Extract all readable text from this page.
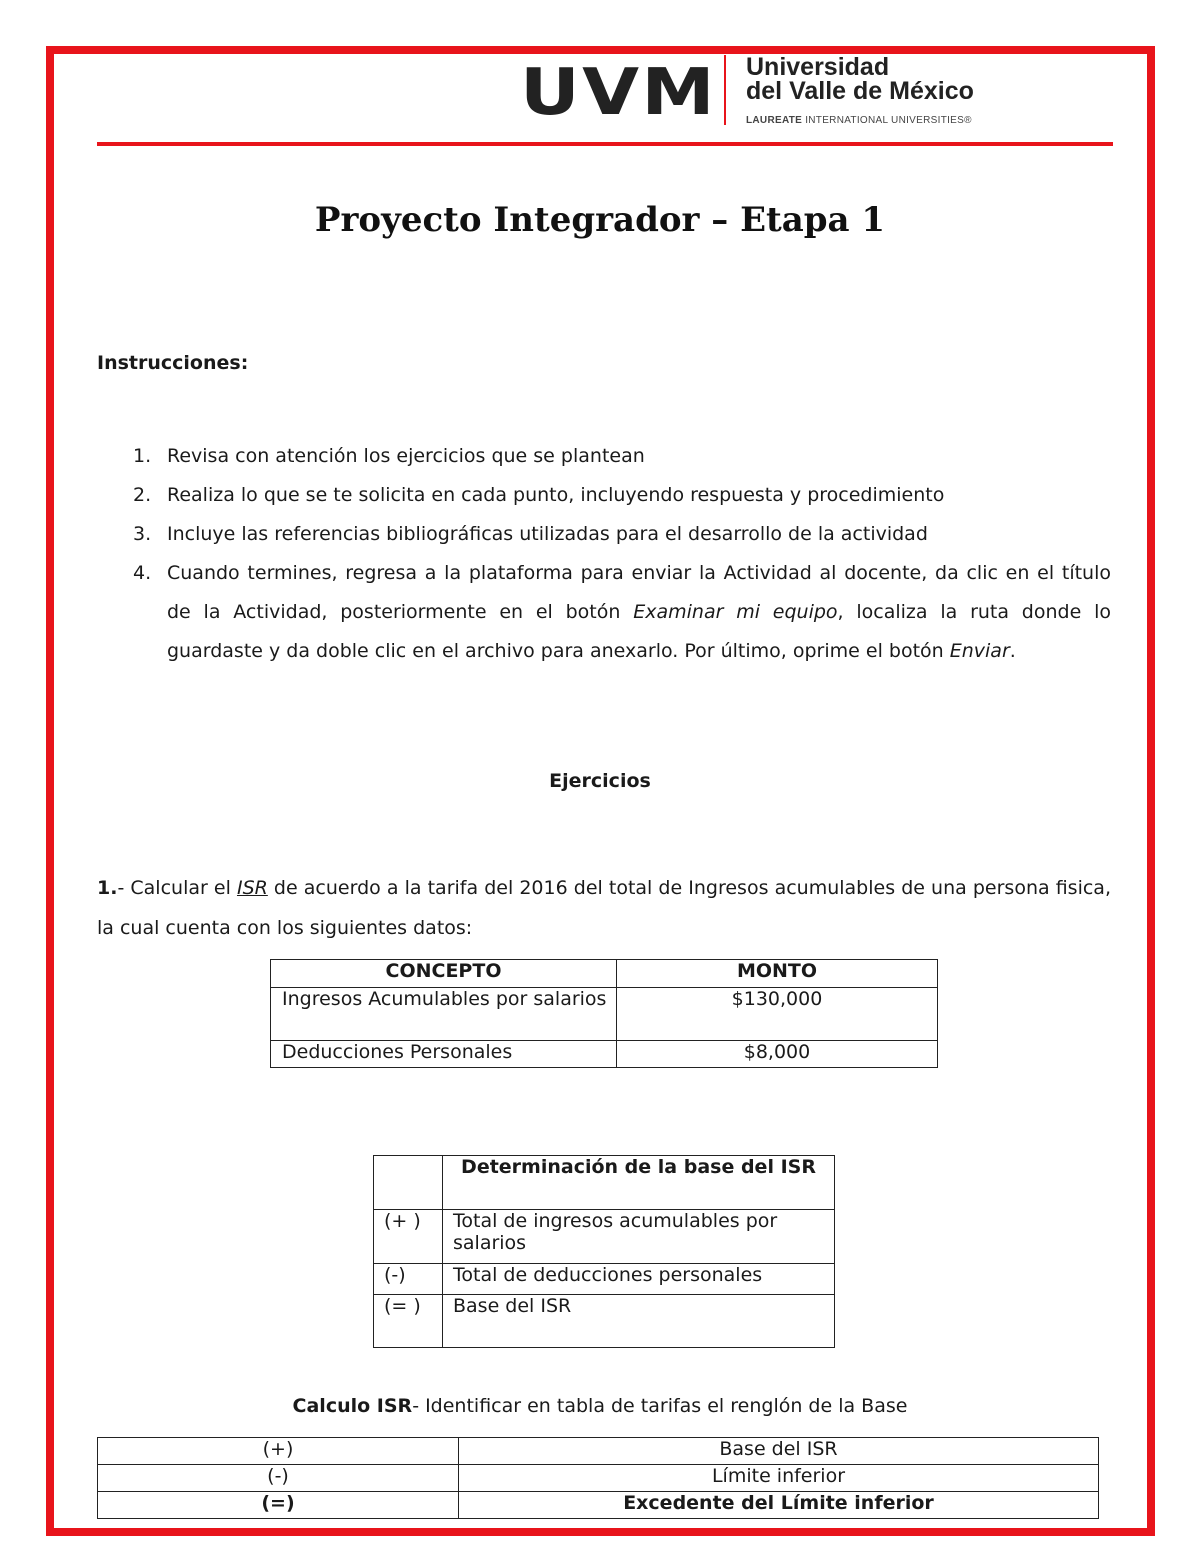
UVM Universidad
del Valle de México
LAUREATE INTERNATIONAL UNIVERSITIES®
Proyecto Integrador – Etapa 1
Instrucciones:
1. Revisa con atención los ejercicios que se plantean
2. Realiza lo que se te solicita en cada punto, incluyendo respuesta y procedimiento
3. Incluye las referencias bibliográficas utilizadas para el desarrollo de la actividad
4. Cuando termines, regresa a la plataforma para enviar la Actividad al docente, da clic en el título de la Actividad, posteriormente en el botón Examinar mi equipo, localiza la ruta donde lo guardaste y da doble clic en el archivo para anexarlo. Por último, oprime el botón Enviar.
Ejercicios

1.- Calcular el ISR de acuerdo a la tarifa del 2016 del total de Ingresos acumulables de una persona fisica, la cual cuenta con los siguientes datos:

CONCEPTO	MONTO
Ingresos Acumulables por salarios	$130,000
Deducciones Personales	$8,000
	Determinación de la base del ISR
(+ )	Total de ingresos acumulables por salarios
(-)	Total de deducciones personales
(= )	Base del ISR
Calculo ISR- Identificar en tabla de tarifas el renglón de la Base
(+)	Base del ISR
(-)	Límite inferior
(=)	Excedente del Límite inferior
